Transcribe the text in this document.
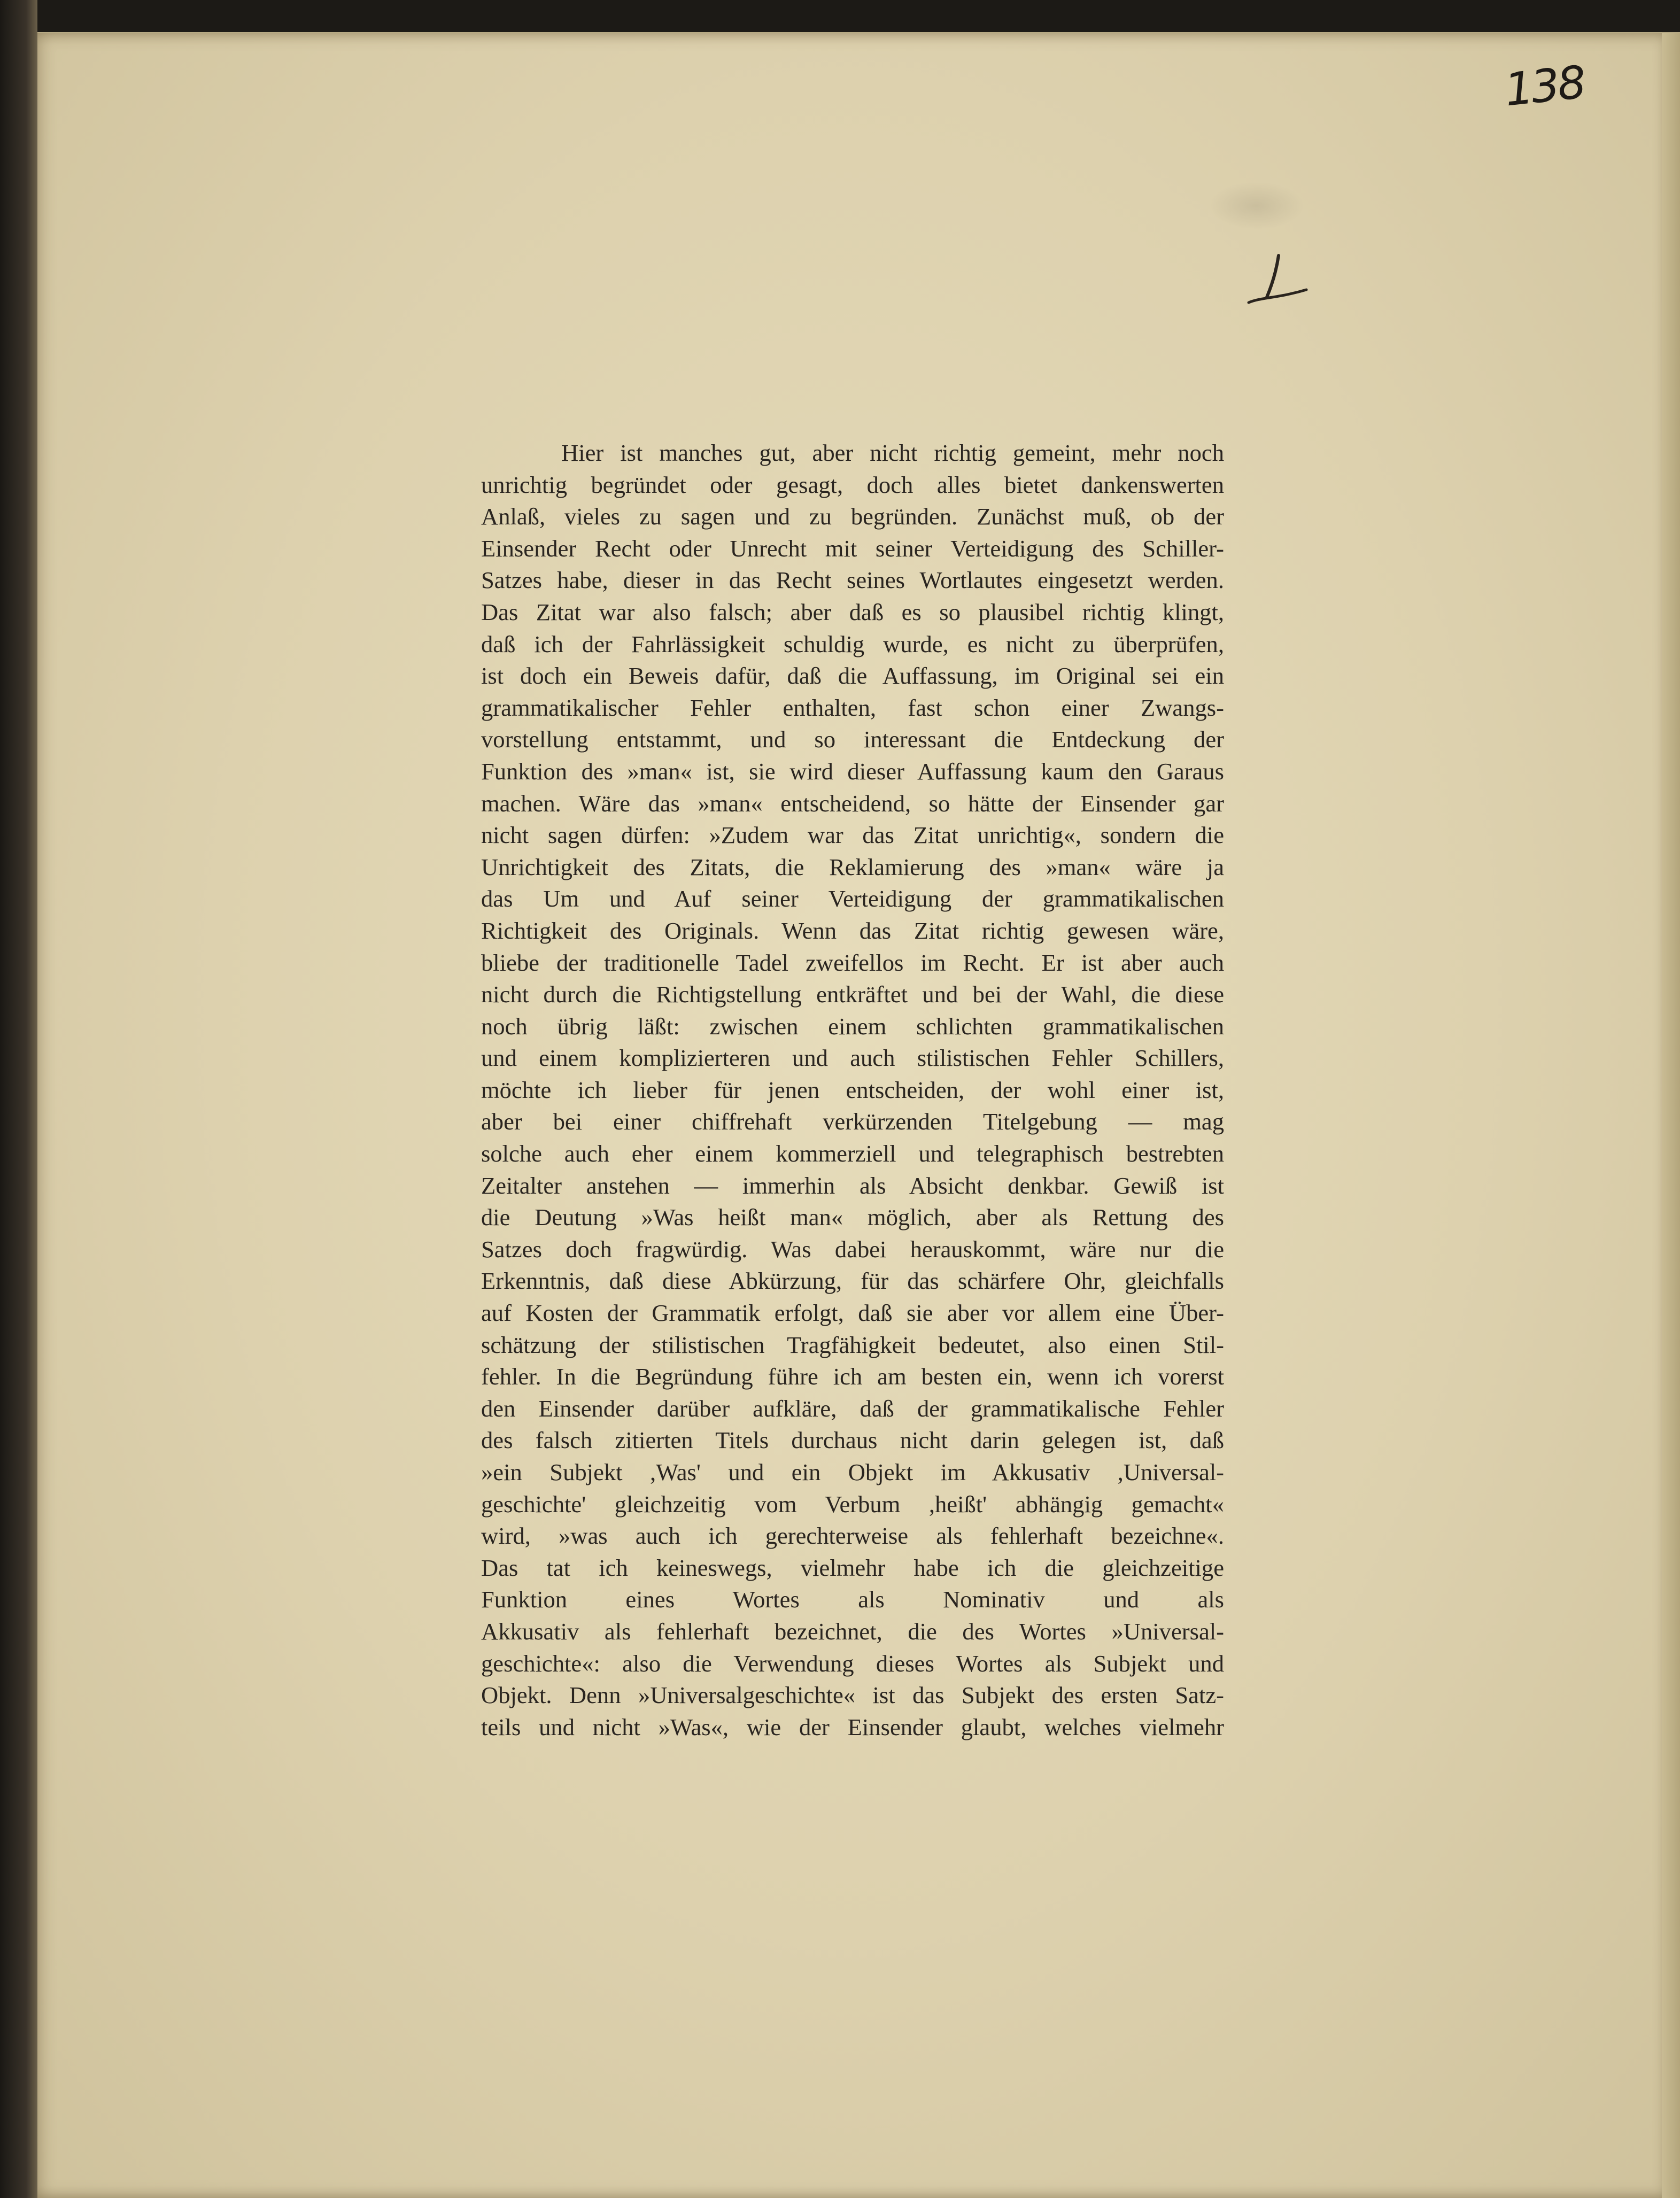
138
Hier ist manches gut, aber nicht richtig gemeint, mehr noch
unrichtig begründet oder gesagt, doch alles bietet dankenswerten
Anlaß, vieles zu sagen und zu begründen. Zunächst muß, ob der
Einsender Recht oder Unrecht mit seiner Verteidigung des Schiller-
Satzes habe, dieser in das Recht seines Wortlautes eingesetzt werden.
Das Zitat war also falsch; aber daß es so plausibel richtig klingt,
daß ich der Fahrlässigkeit schuldig wurde, es nicht zu überprüfen,
ist doch ein Beweis dafür, daß die Auffassung, im Original sei ein
grammatikalischer Fehler enthalten, fast schon einer Zwangs-
vorstellung entstammt, und so interessant die Entdeckung der
Funktion des »man« ist, sie wird dieser Auffassung kaum den Garaus
machen. Wäre das »man« entscheidend, so hätte der Einsender gar
nicht sagen dürfen: »Zudem war das Zitat unrichtig«, sondern die
Unrichtigkeit des Zitats, die Reklamierung des »man« wäre ja
das Um und Auf seiner Verteidigung der grammatikalischen
Richtigkeit des Originals. Wenn das Zitat richtig gewesen wäre,
bliebe der traditionelle Tadel zweifellos im Recht. Er ist aber auch
nicht durch die Richtigstellung entkräftet und bei der Wahl, die diese
noch übrig läßt: zwischen einem schlichten grammatikalischen
und einem komplizierteren und auch stilistischen Fehler Schillers,
möchte ich lieber für jenen entscheiden, der wohl einer ist,
aber bei einer chiffrehaft verkürzenden Titelgebung — mag
solche auch eher einem kommerziell und telegraphisch bestrebten
Zeitalter anstehen — immerhin als Absicht denkbar. Gewiß ist
die Deutung »Was heißt man« möglich, aber als Rettung des
Satzes doch fragwürdig. Was dabei herauskommt, wäre nur die
Erkenntnis, daß diese Abkürzung, für das schärfere Ohr, gleichfalls
auf Kosten der Grammatik erfolgt, daß sie aber vor allem eine Über-
schätzung der stilistischen Tragfähigkeit bedeutet, also einen Stil-
fehler. In die Begründung führe ich am besten ein, wenn ich vorerst
den Einsender darüber aufkläre, daß der grammatikalische Fehler
des falsch zitierten Titels durchaus nicht darin gelegen ist, daß
»ein Subjekt ,Was' und ein Objekt im Akkusativ ,Universal-
geschichte' gleichzeitig vom Verbum ,heißt' abhängig gemacht«
wird, »was auch ich gerechterweise als fehlerhaft bezeichne«.
Das tat ich keineswegs, vielmehr habe ich die gleichzeitige
Funktion eines Wortes als Nominativ und als
Akkusativ als fehlerhaft bezeichnet, die des Wortes »Universal-
geschichte«: also die Verwendung dieses Wortes als Subjekt und
Objekt. Denn »Universalgeschichte« ist das Subjekt des ersten Satz-
teils und nicht »Was«, wie der Einsender glaubt, welches vielmehr
